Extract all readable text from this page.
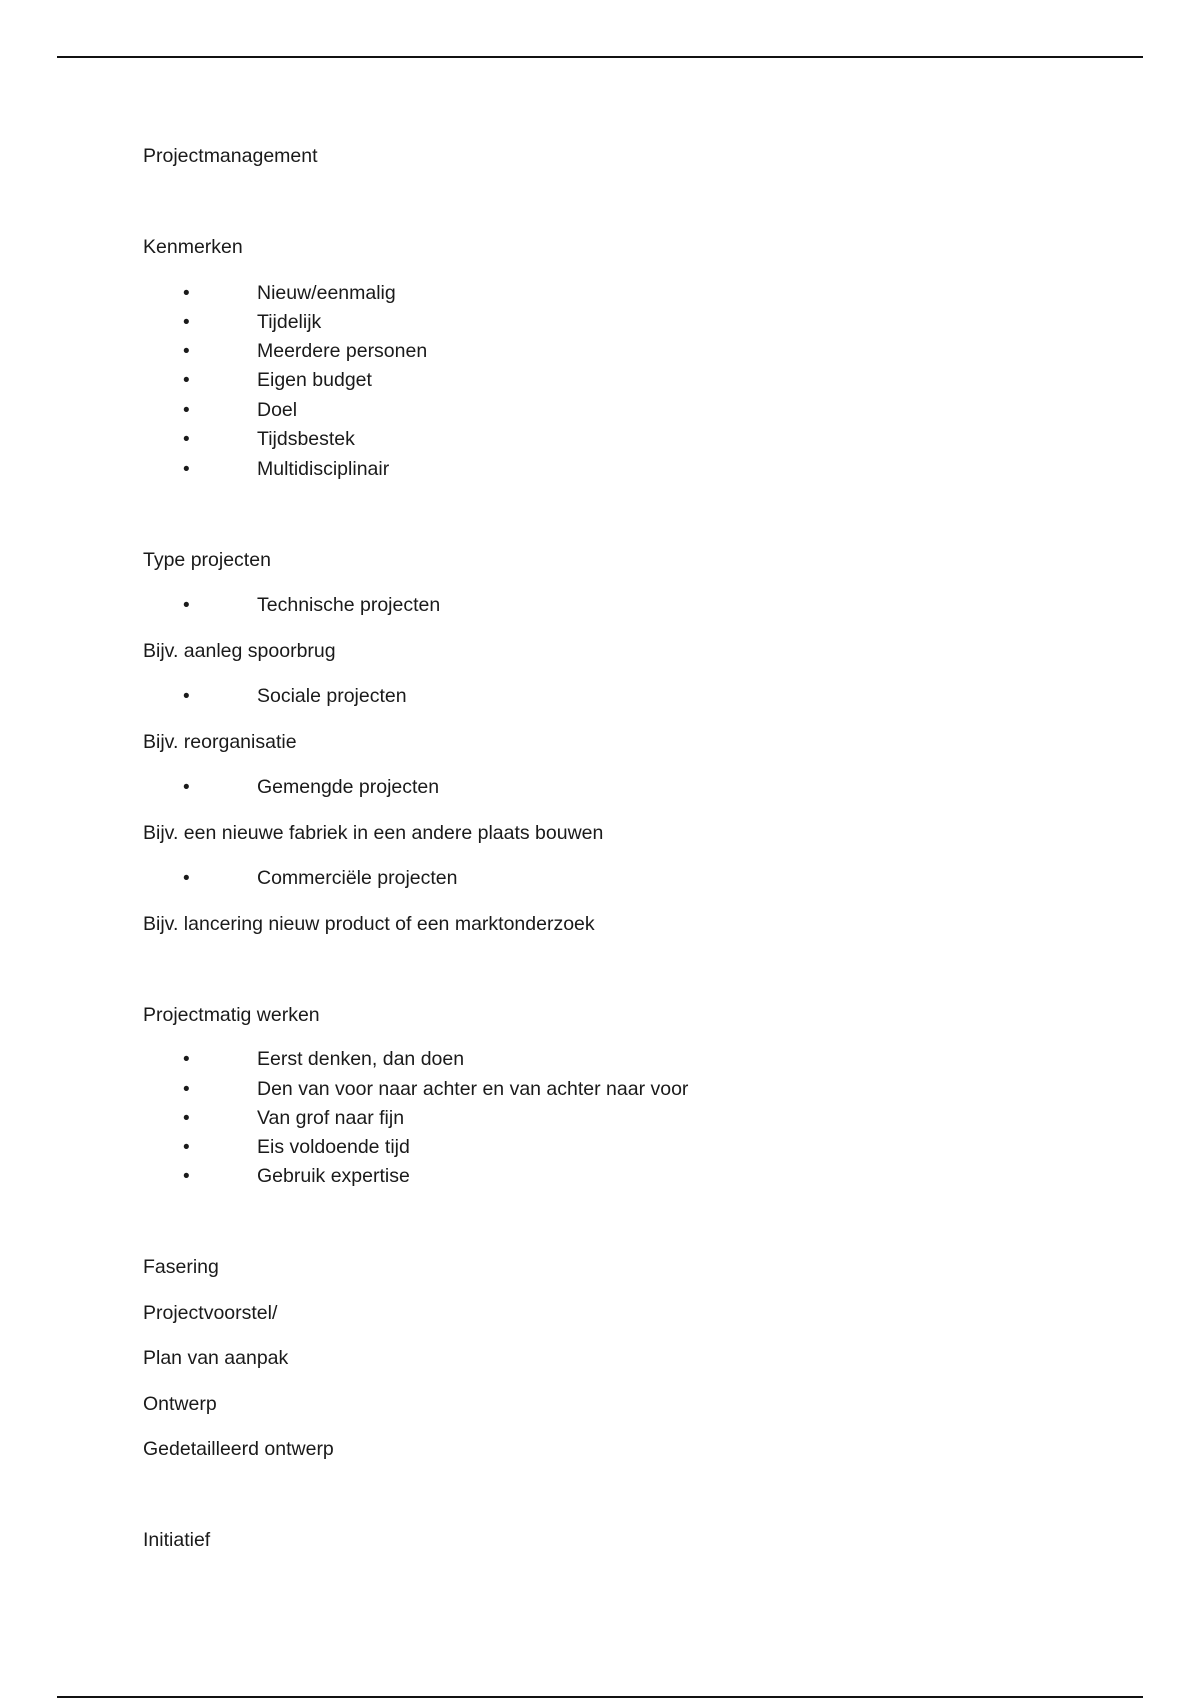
Projectmanagement
Kenmerken
•	Nieuw/eenmalig
•	Tijdelijk
•	Meerdere personen
•	Eigen budget
•	Doel
•	Tijdsbestek
•	Multidisciplinair
Type projecten
•	Technische projecten
Bijv. aanleg spoorbrug
•	Sociale projecten
Bijv. reorganisatie
•	Gemengde projecten
Bijv. een nieuwe fabriek in een andere plaats bouwen
•	Commerciële projecten
Bijv. lancering nieuw product of een marktonderzoek
Projectmatig werken
•	Eerst denken, dan doen
•	Den van voor naar achter en van achter naar voor
•	Van grof naar fijn
•	Eis voldoende tijd
•	Gebruik expertise
Fasering
Projectvoorstel/
Plan van aanpak
Ontwerp
Gedetailleerd ontwerp
Initiatief
